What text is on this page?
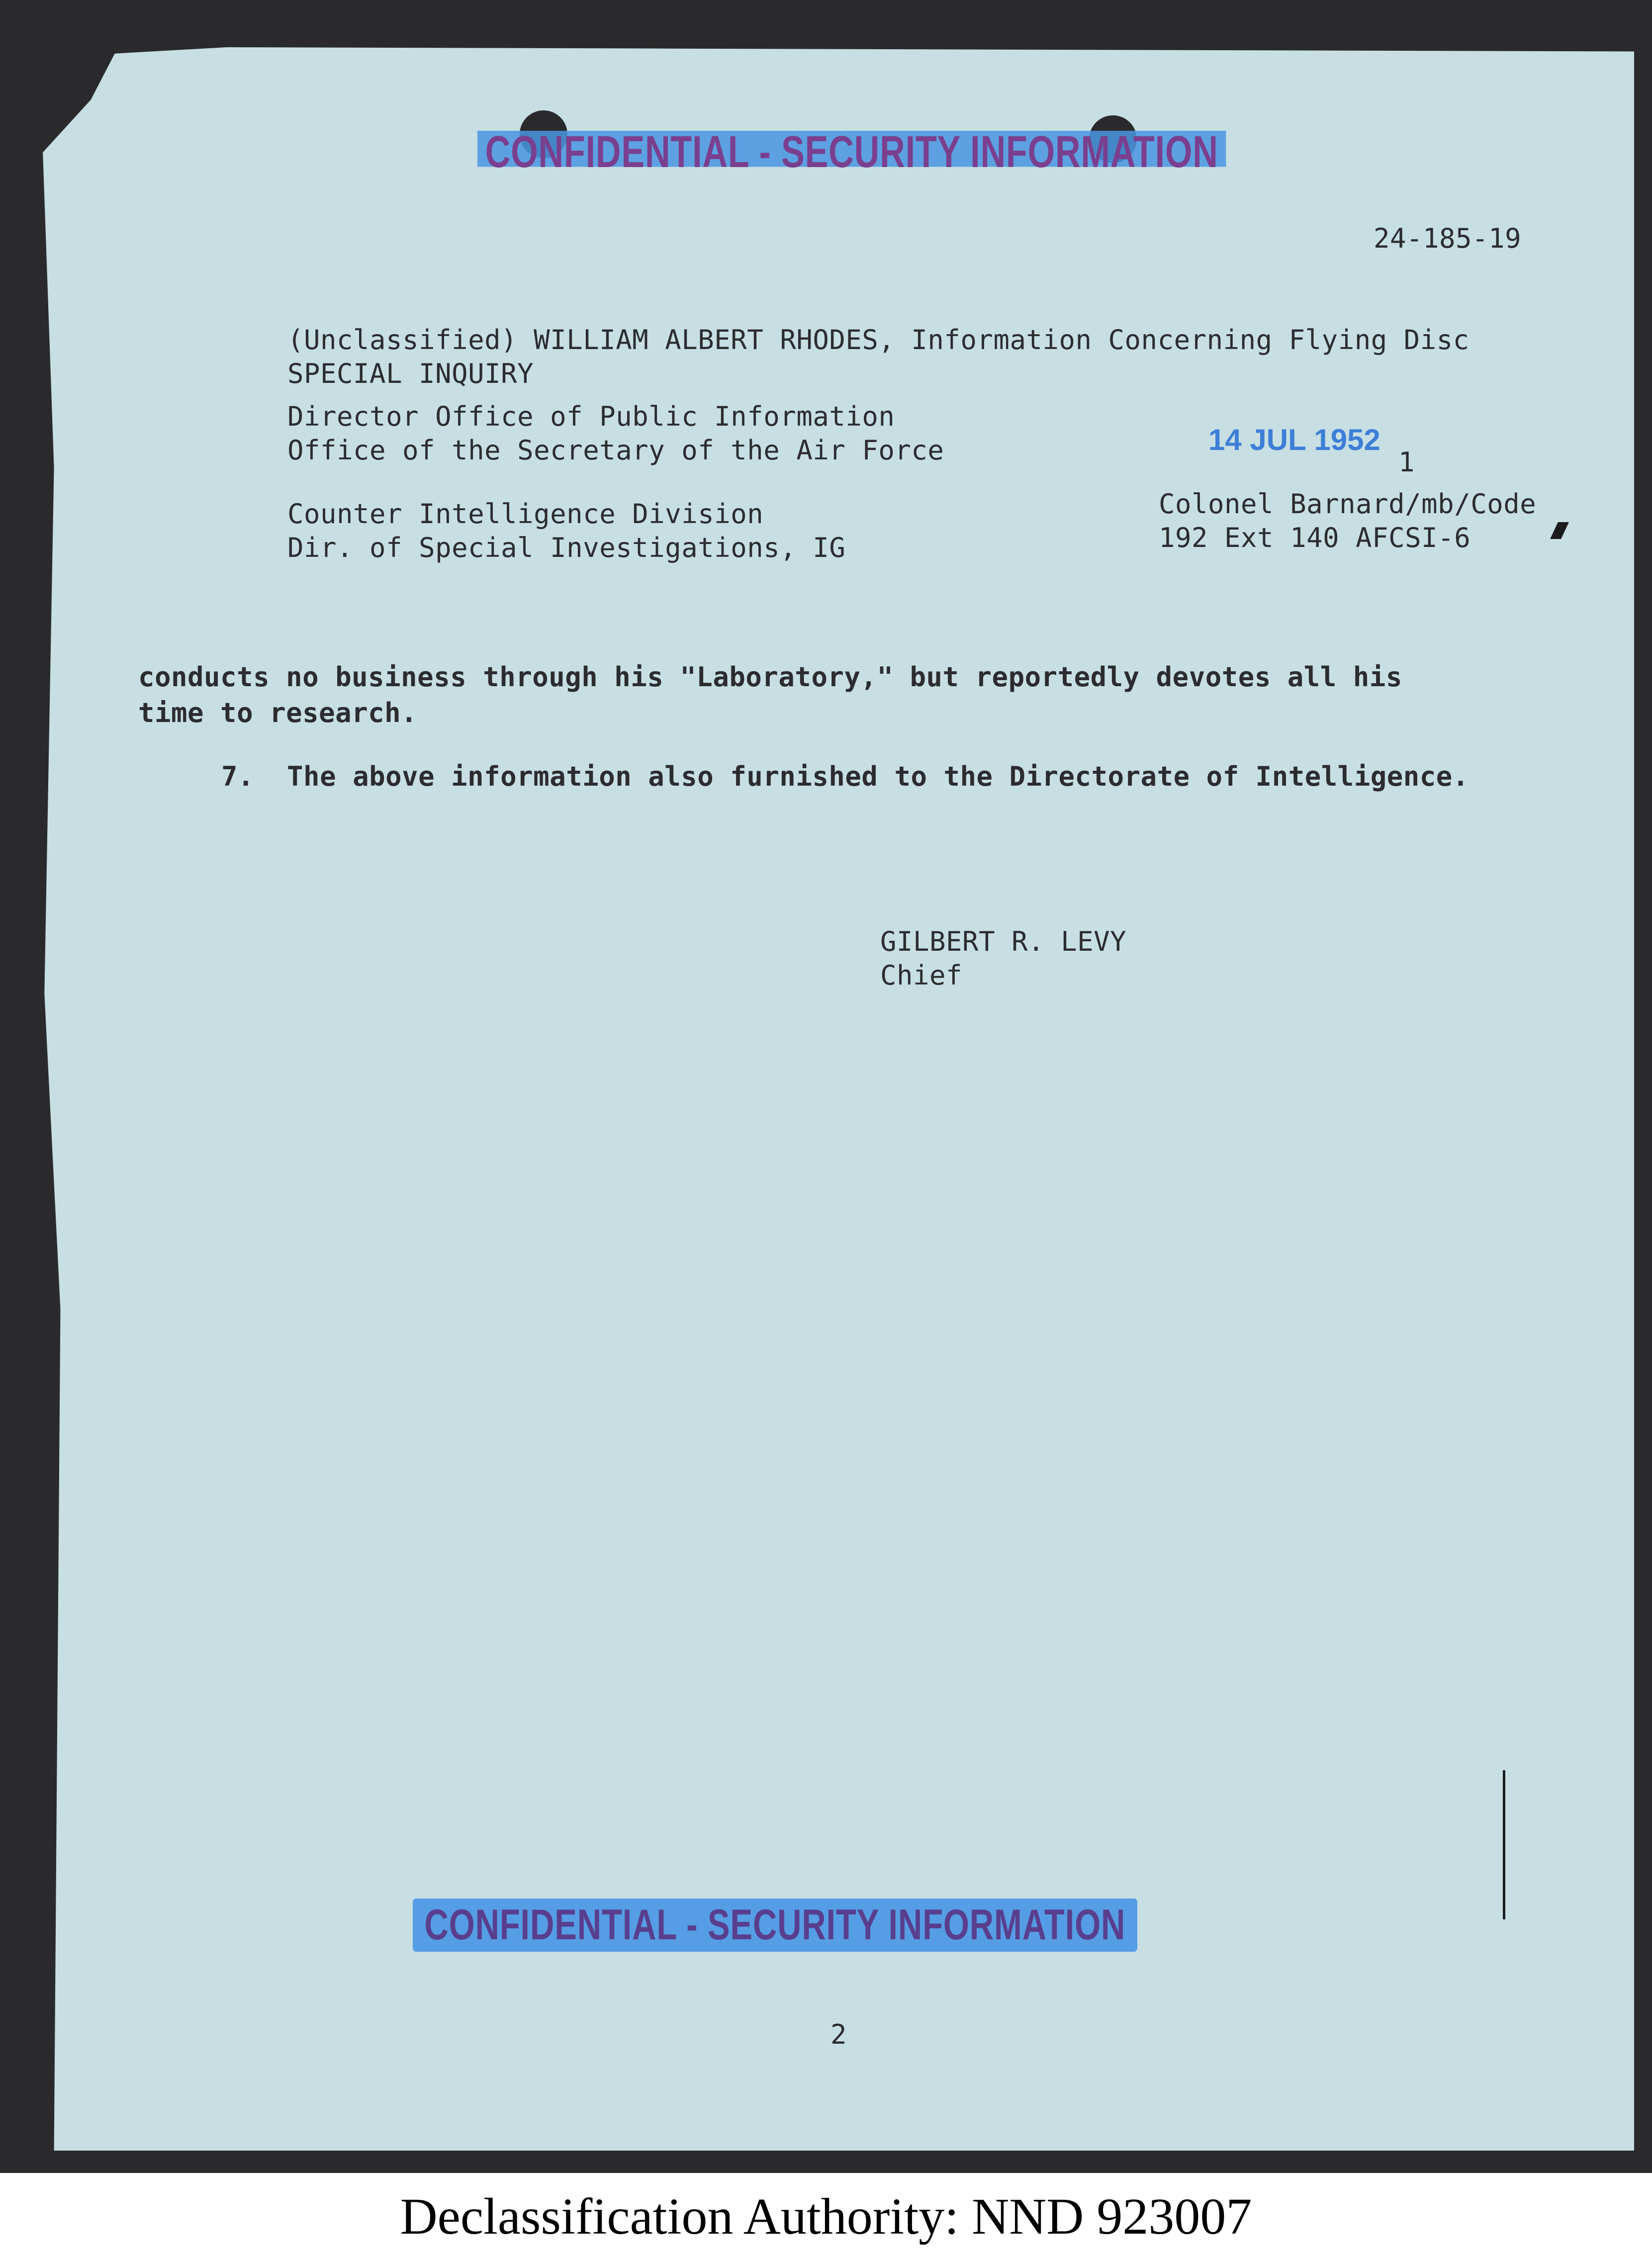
CONFIDENTIAL - SECURITY INFORMATION
24-185-19
(Unclassified) WILLIAM ALBERT RHODES, Information Concerning Flying Disc
SPECIAL INQUIRY
Director Office of Public Information
Office of the Secretary of the Air Force	14 JUL 1952
1
Counter Intelligence Division
Dir. of Special Investigations, IG
Colonel Barnard/mb/Code
192 Ext 140 AFCSI-6
conducts no business through his "Laboratory," but reportedly devotes all his
time to research.
7.  The above information also furnished to the Directorate of Intelligence.
GILBERT R. LEVY
Chief
CONFIDENTIAL - SECURITY INFORMATION
2
Declassification Authority: NND 923007
